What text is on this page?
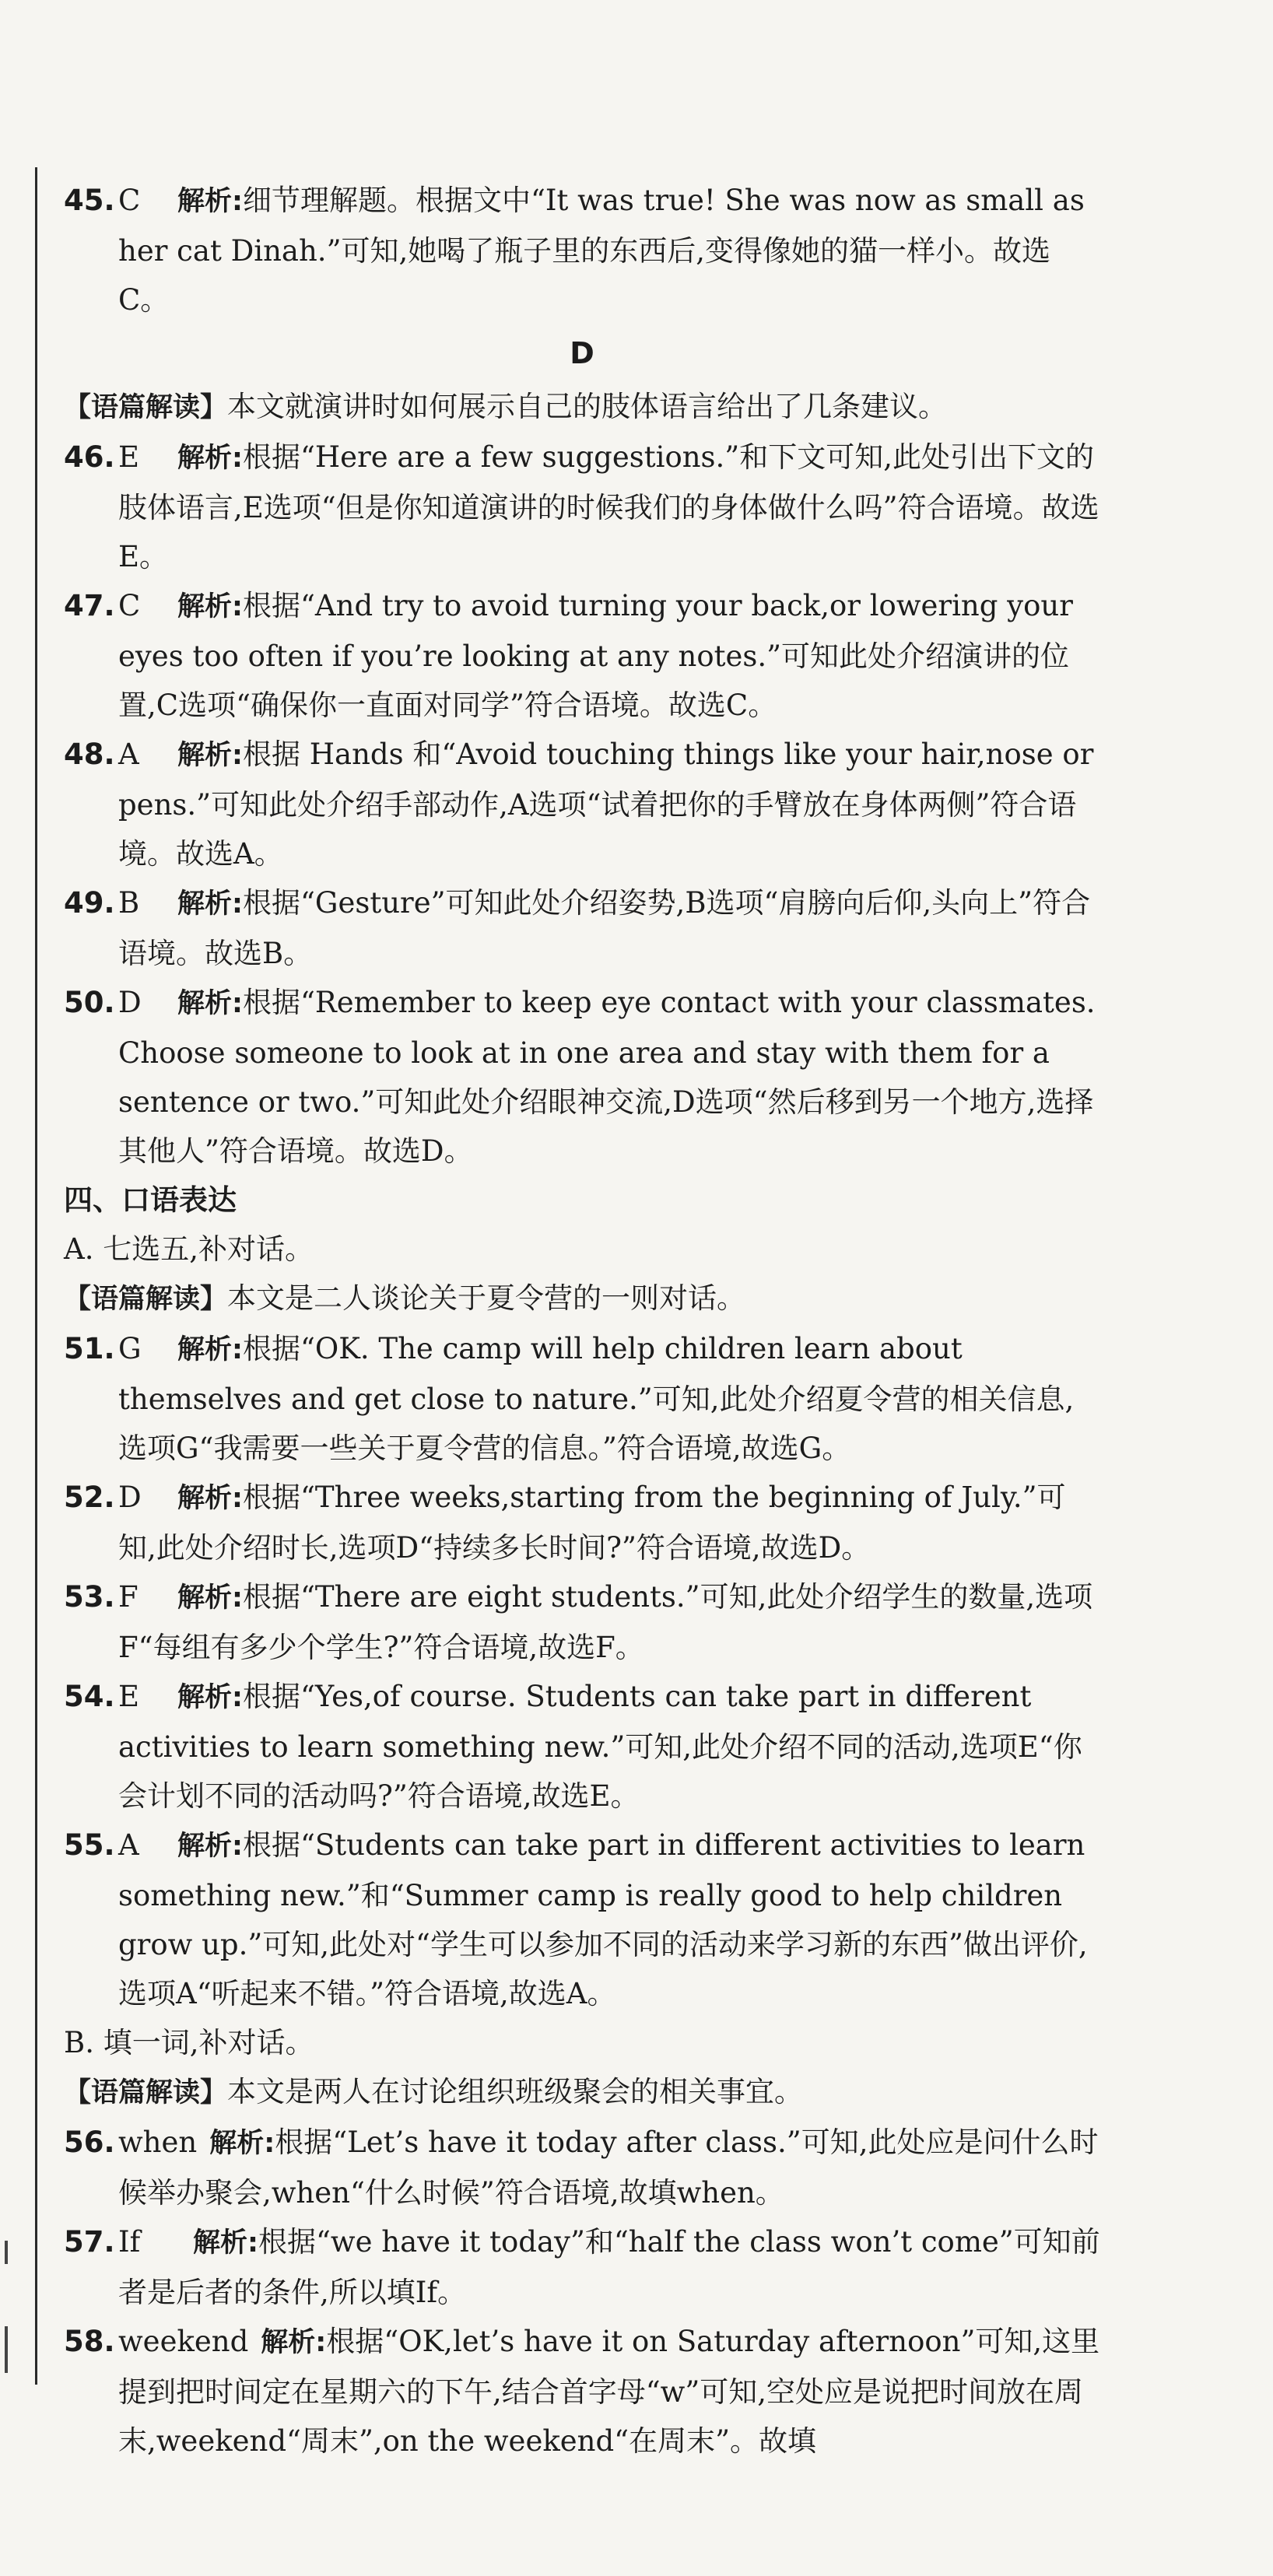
45. C 解析:细节理解题。根据文中“It was true! She was now as small as her cat Dinah.”可知,她喝了瓶子里的东西后,变得像她的猫一样小。故选C。
D

【语篇解读】本文就演讲时如何展示自己的肢体语言给出了几条建议。

46. E 解析:根据“Here are a few suggestions.”和下文可知,此处引出下文的肢体语言,E选项“但是你知道演讲的时候我们的身体做什么吗”符合语境。故选E。
47. C 解析:根据“And try to avoid turning your back,or lowering your eyes too often if you’re looking at any notes.”可知此处介绍演讲的位置,C选项“确保你一直面对同学”符合语境。故选C。
48. A 解析:根据 Hands 和“Avoid touching things like your hair,nose or pens.”可知此处介绍手部动作,A选项“试着把你的手臂放在身体两侧”符合语境。故选A。
49. B 解析:根据“Gesture”可知此处介绍姿势,B选项“肩膀向后仰,头向上”符合语境。故选B。
50. D 解析:根据“Remember to keep eye contact with your classmates. Choose someone to look at in one area and stay with them for a sentence or two.”可知此处介绍眼神交流,D选项“然后移到另一个地方,选择其他人”符合语境。故选D。

四、口语表达

A. 七选五,补对话。

【语篇解读】本文是二人谈论关于夏令营的一则对话。

51. G 解析:根据“OK. The camp will help children learn about themselves and get close to nature.”可知,此处介绍夏令营的相关信息,选项G“我需要一些关于夏令营的信息。”符合语境,故选G。
52. D 解析:根据“Three weeks,starting from the beginning of July.”可知,此处介绍时长,选项D“持续多长时间?”符合语境,故选D。
53. F 解析:根据“There are eight students.”可知,此处介绍学生的数量,选项F“每组有多少个学生?”符合语境,故选F。
54. E 解析:根据“Yes,of course. Students can take part in different activities to learn something new.”可知,此处介绍不同的活动,选项E“你会计划不同的活动吗?”符合语境,故选E。
55. A 解析:根据“Students can take part in different activities to learn something new.”和“Summer camp is really good to help children grow up.”可知,此处对“学生可以参加不同的活动来学习新的东西”做出评价,选项A“听起来不错。”符合语境,故选A。

B. 填一词,补对话。

【语篇解读】本文是两人在讨论组织班级聚会的相关事宜。

56. when 解析:根据“Let’s have it today after class.”可知,此处应是问什么时候举办聚会,when“什么时候”符合语境,故填when。
57. If 解析:根据“we have it today”和“half the class won’t come”可知前者是后者的条件,所以填If。
58. weekend 解析:根据“OK,let’s have it on Saturday afternoon”可知,这里提到把时间定在星期六的下午,结合首字母“w”可知,空处应是说把时间放在周末,weekend“周末”,on the weekend“在周末”。故填
